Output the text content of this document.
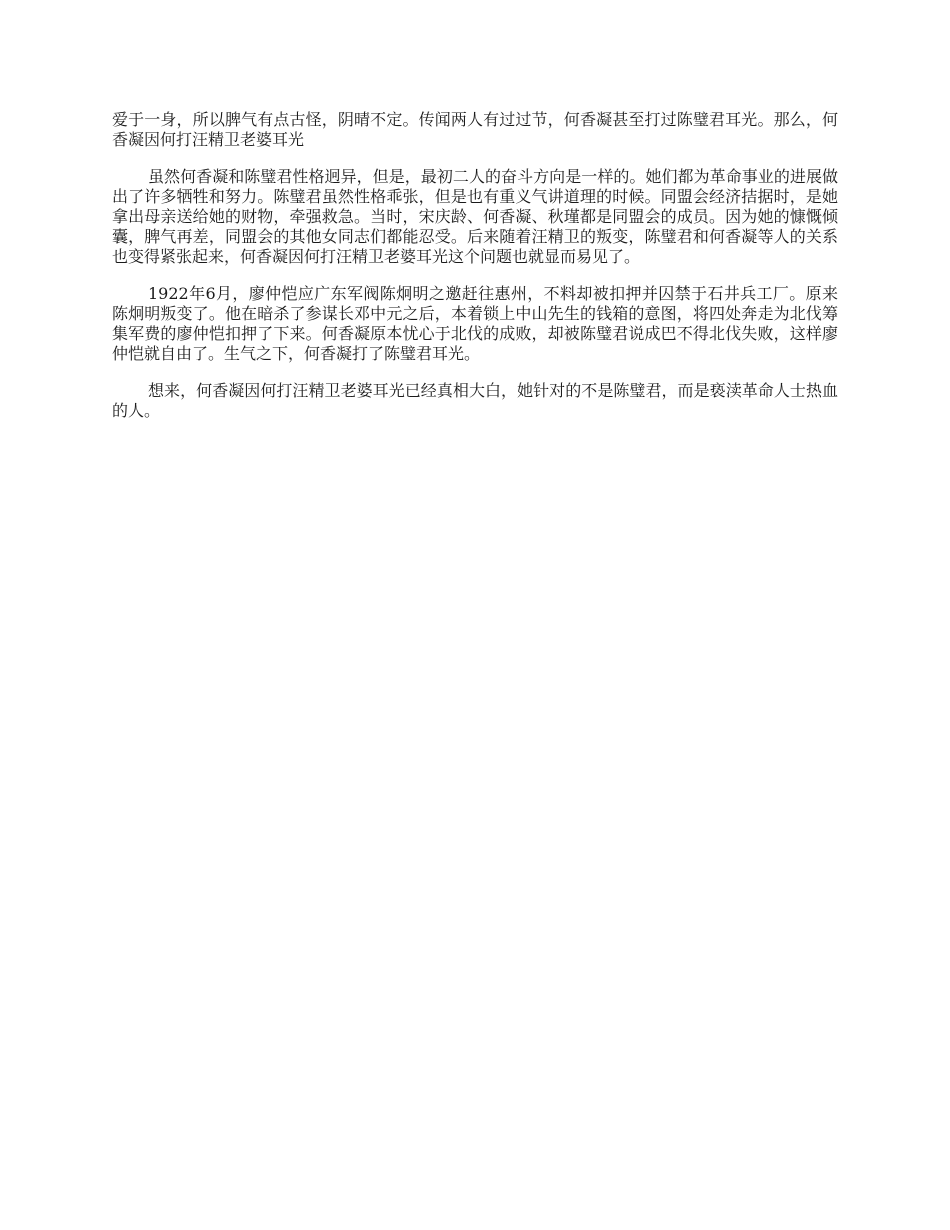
爱于一身，所以脾气有点古怪，阴晴不定。传闻两人有过过节，何香凝甚至打过陈璧君耳光。那么，何香凝因何打汪精卫老婆耳光

虽然何香凝和陈璧君性格迥异，但是，最初二人的奋斗方向是一样的。她们都为革命事业的进展做出了许多牺牲和努力。陈璧君虽然性格乖张，但是也有重义气讲道理的时候。同盟会经济拮据时，是她拿出母亲送给她的财物，牵强救急。当时，宋庆龄、何香凝、秋瑾都是同盟会的成员。因为她的慷慨倾囊，脾气再差，同盟会的其他女同志们都能忍受。后来随着汪精卫的叛变，陈璧君和何香凝等人的关系也变得紧张起来，何香凝因何打汪精卫老婆耳光这个问题也就显而易见了。

1922年6月，廖仲恺应广东军阀陈炯明之邀赶往惠州，不料却被扣押并囚禁于石井兵工厂。原来陈炯明叛变了。他在暗杀了参谋长邓中元之后，本着锁上中山先生的钱箱的意图，将四处奔走为北伐筹集军费的廖仲恺扣押了下来。何香凝原本忧心于北伐的成败，却被陈璧君说成巴不得北伐失败，这样廖仲恺就自由了。生气之下，何香凝打了陈璧君耳光。

想来，何香凝因何打汪精卫老婆耳光已经真相大白，她针对的不是陈璧君，而是亵渎革命人士热血的人。
